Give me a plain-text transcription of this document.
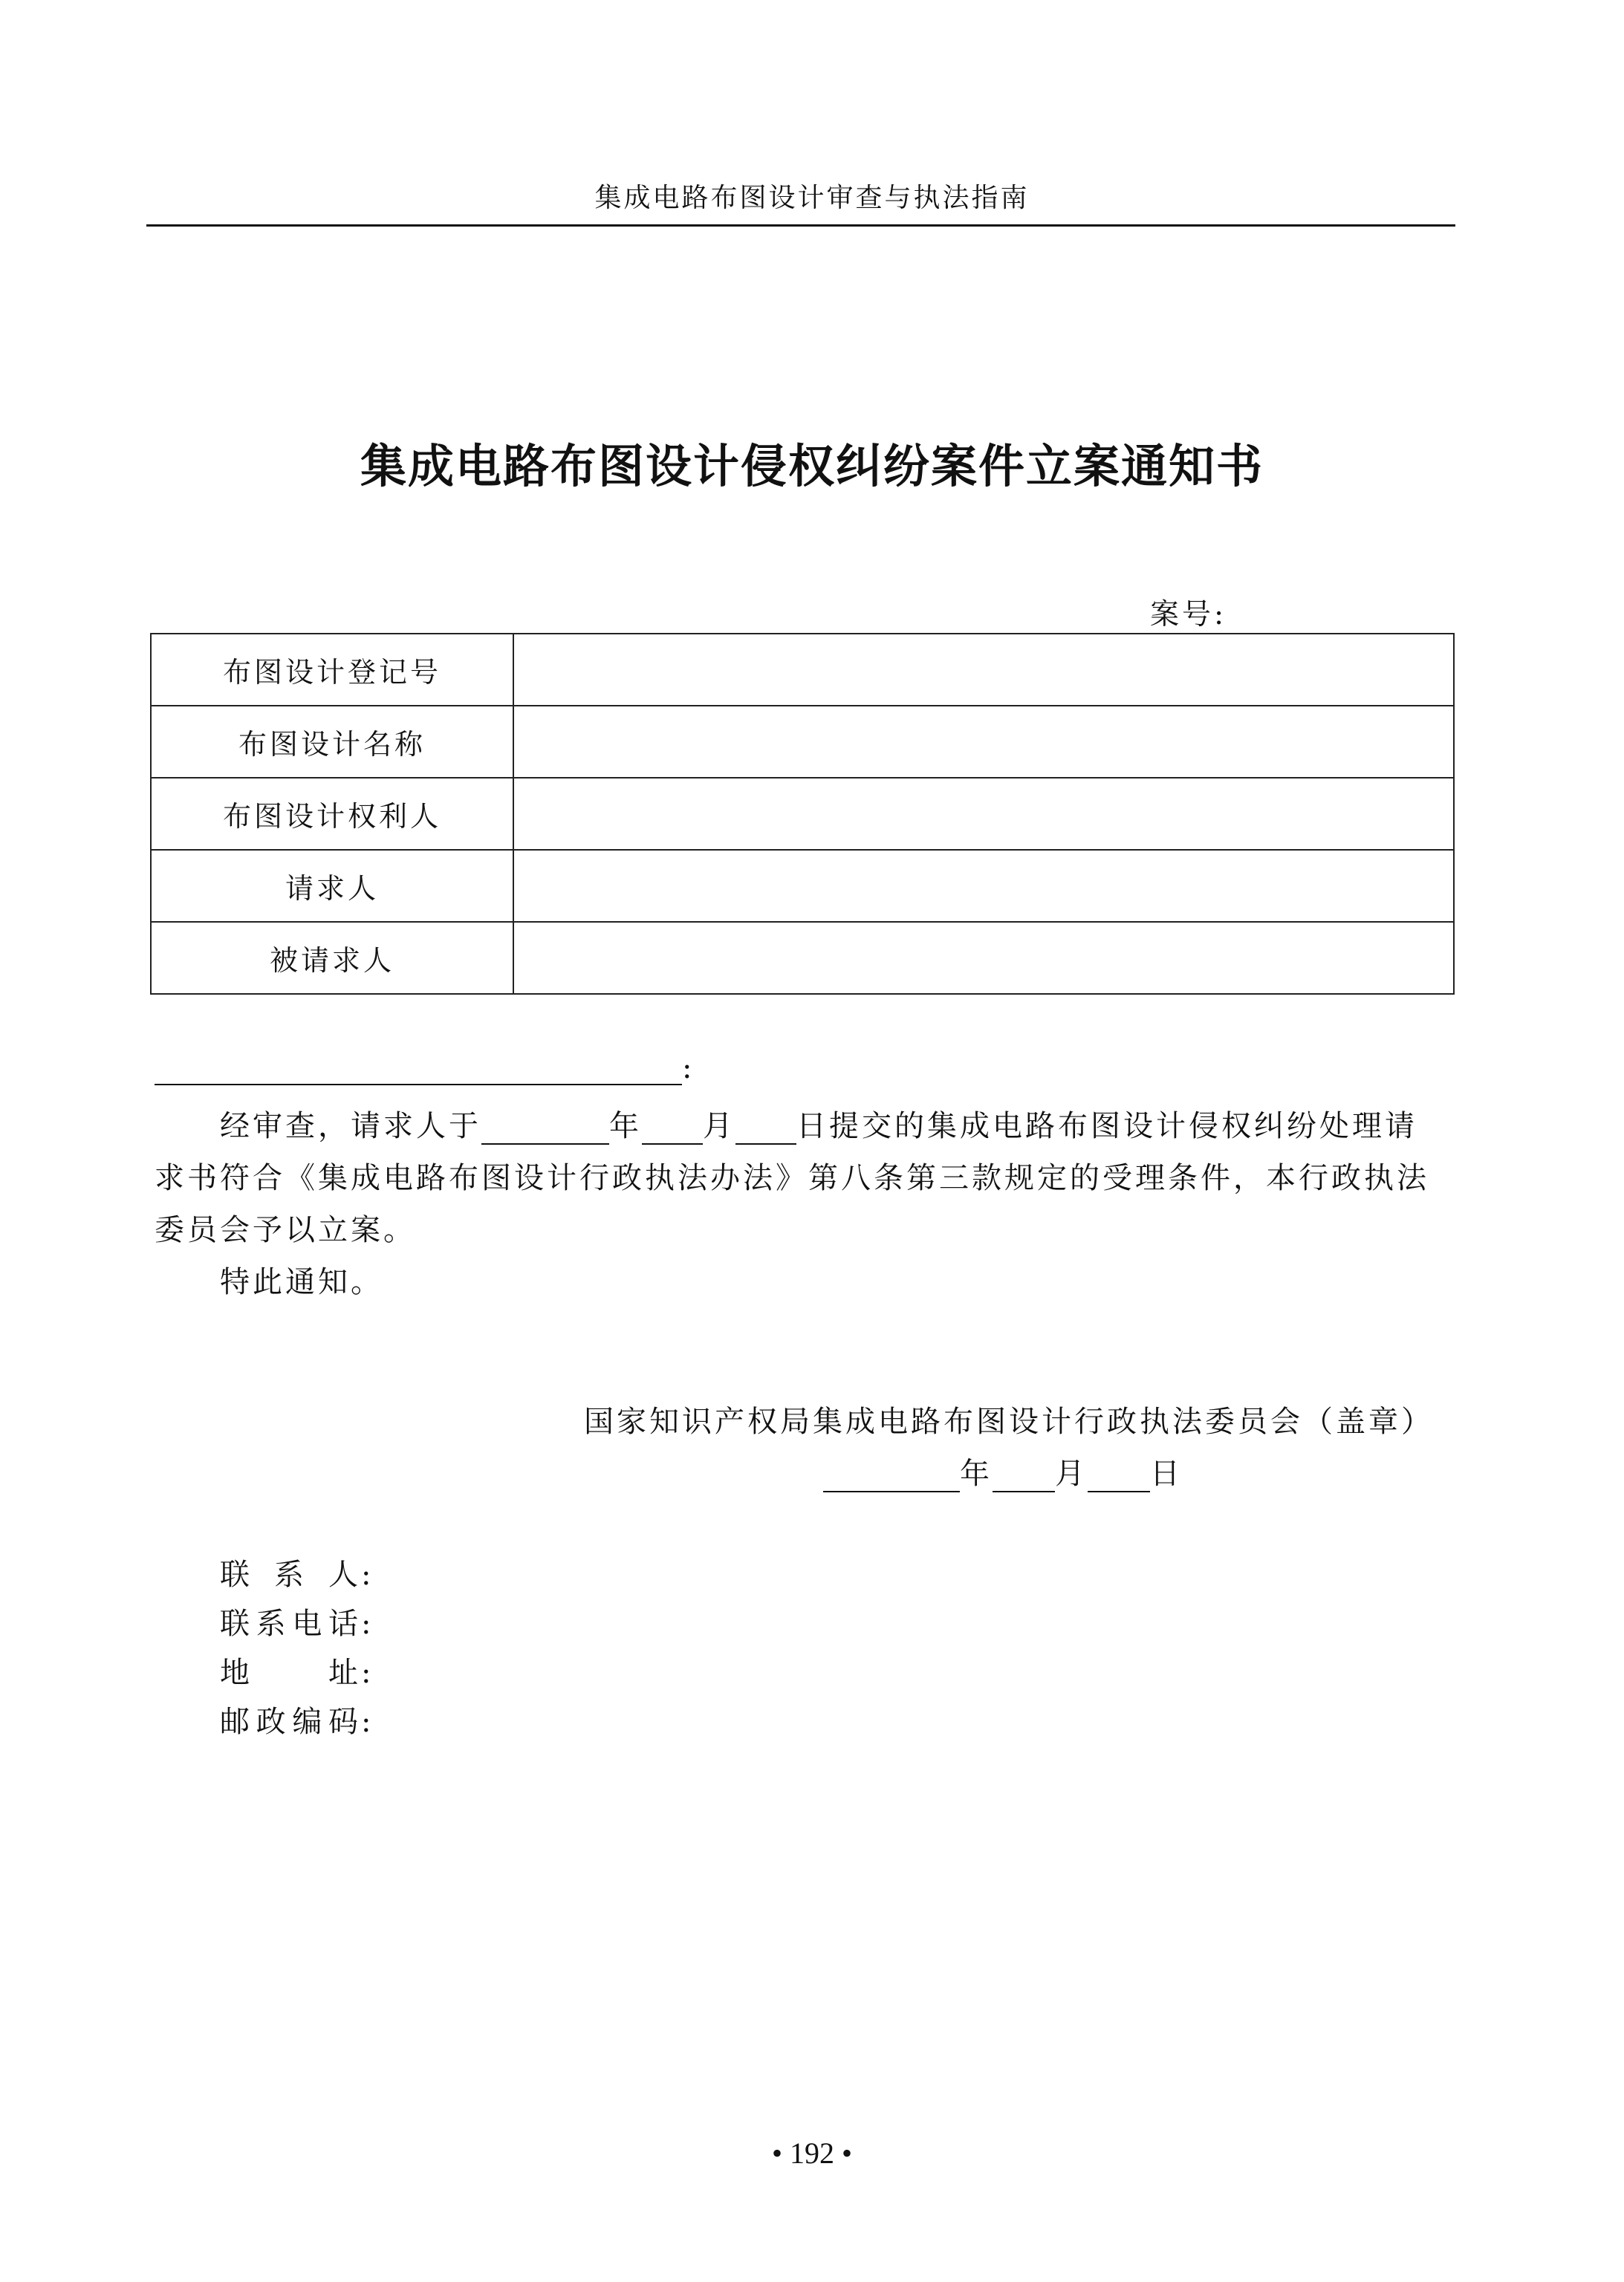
集成电路布图设计审查与执法指南
集成电路布图设计侵权纠纷案件立案通知书
案号:
布图设计登记号	
布图设计名称	
布图设计权利人	
请求人	
被请求人	
:
经审查，请求人于	年 月 日提交的集成电路布图设计侵权纠纷处理请
求书符合《集成电路布图设计行政执法办法》第八条第三款规定的受理条件，本行政执法
委员会予以立案。
特此通知。
国家知识产权局集成电路布图设计行政执法委员会（盖章）
年 月 日
联系人:
联系电话:
地址:
邮政编码:
• 192 •
